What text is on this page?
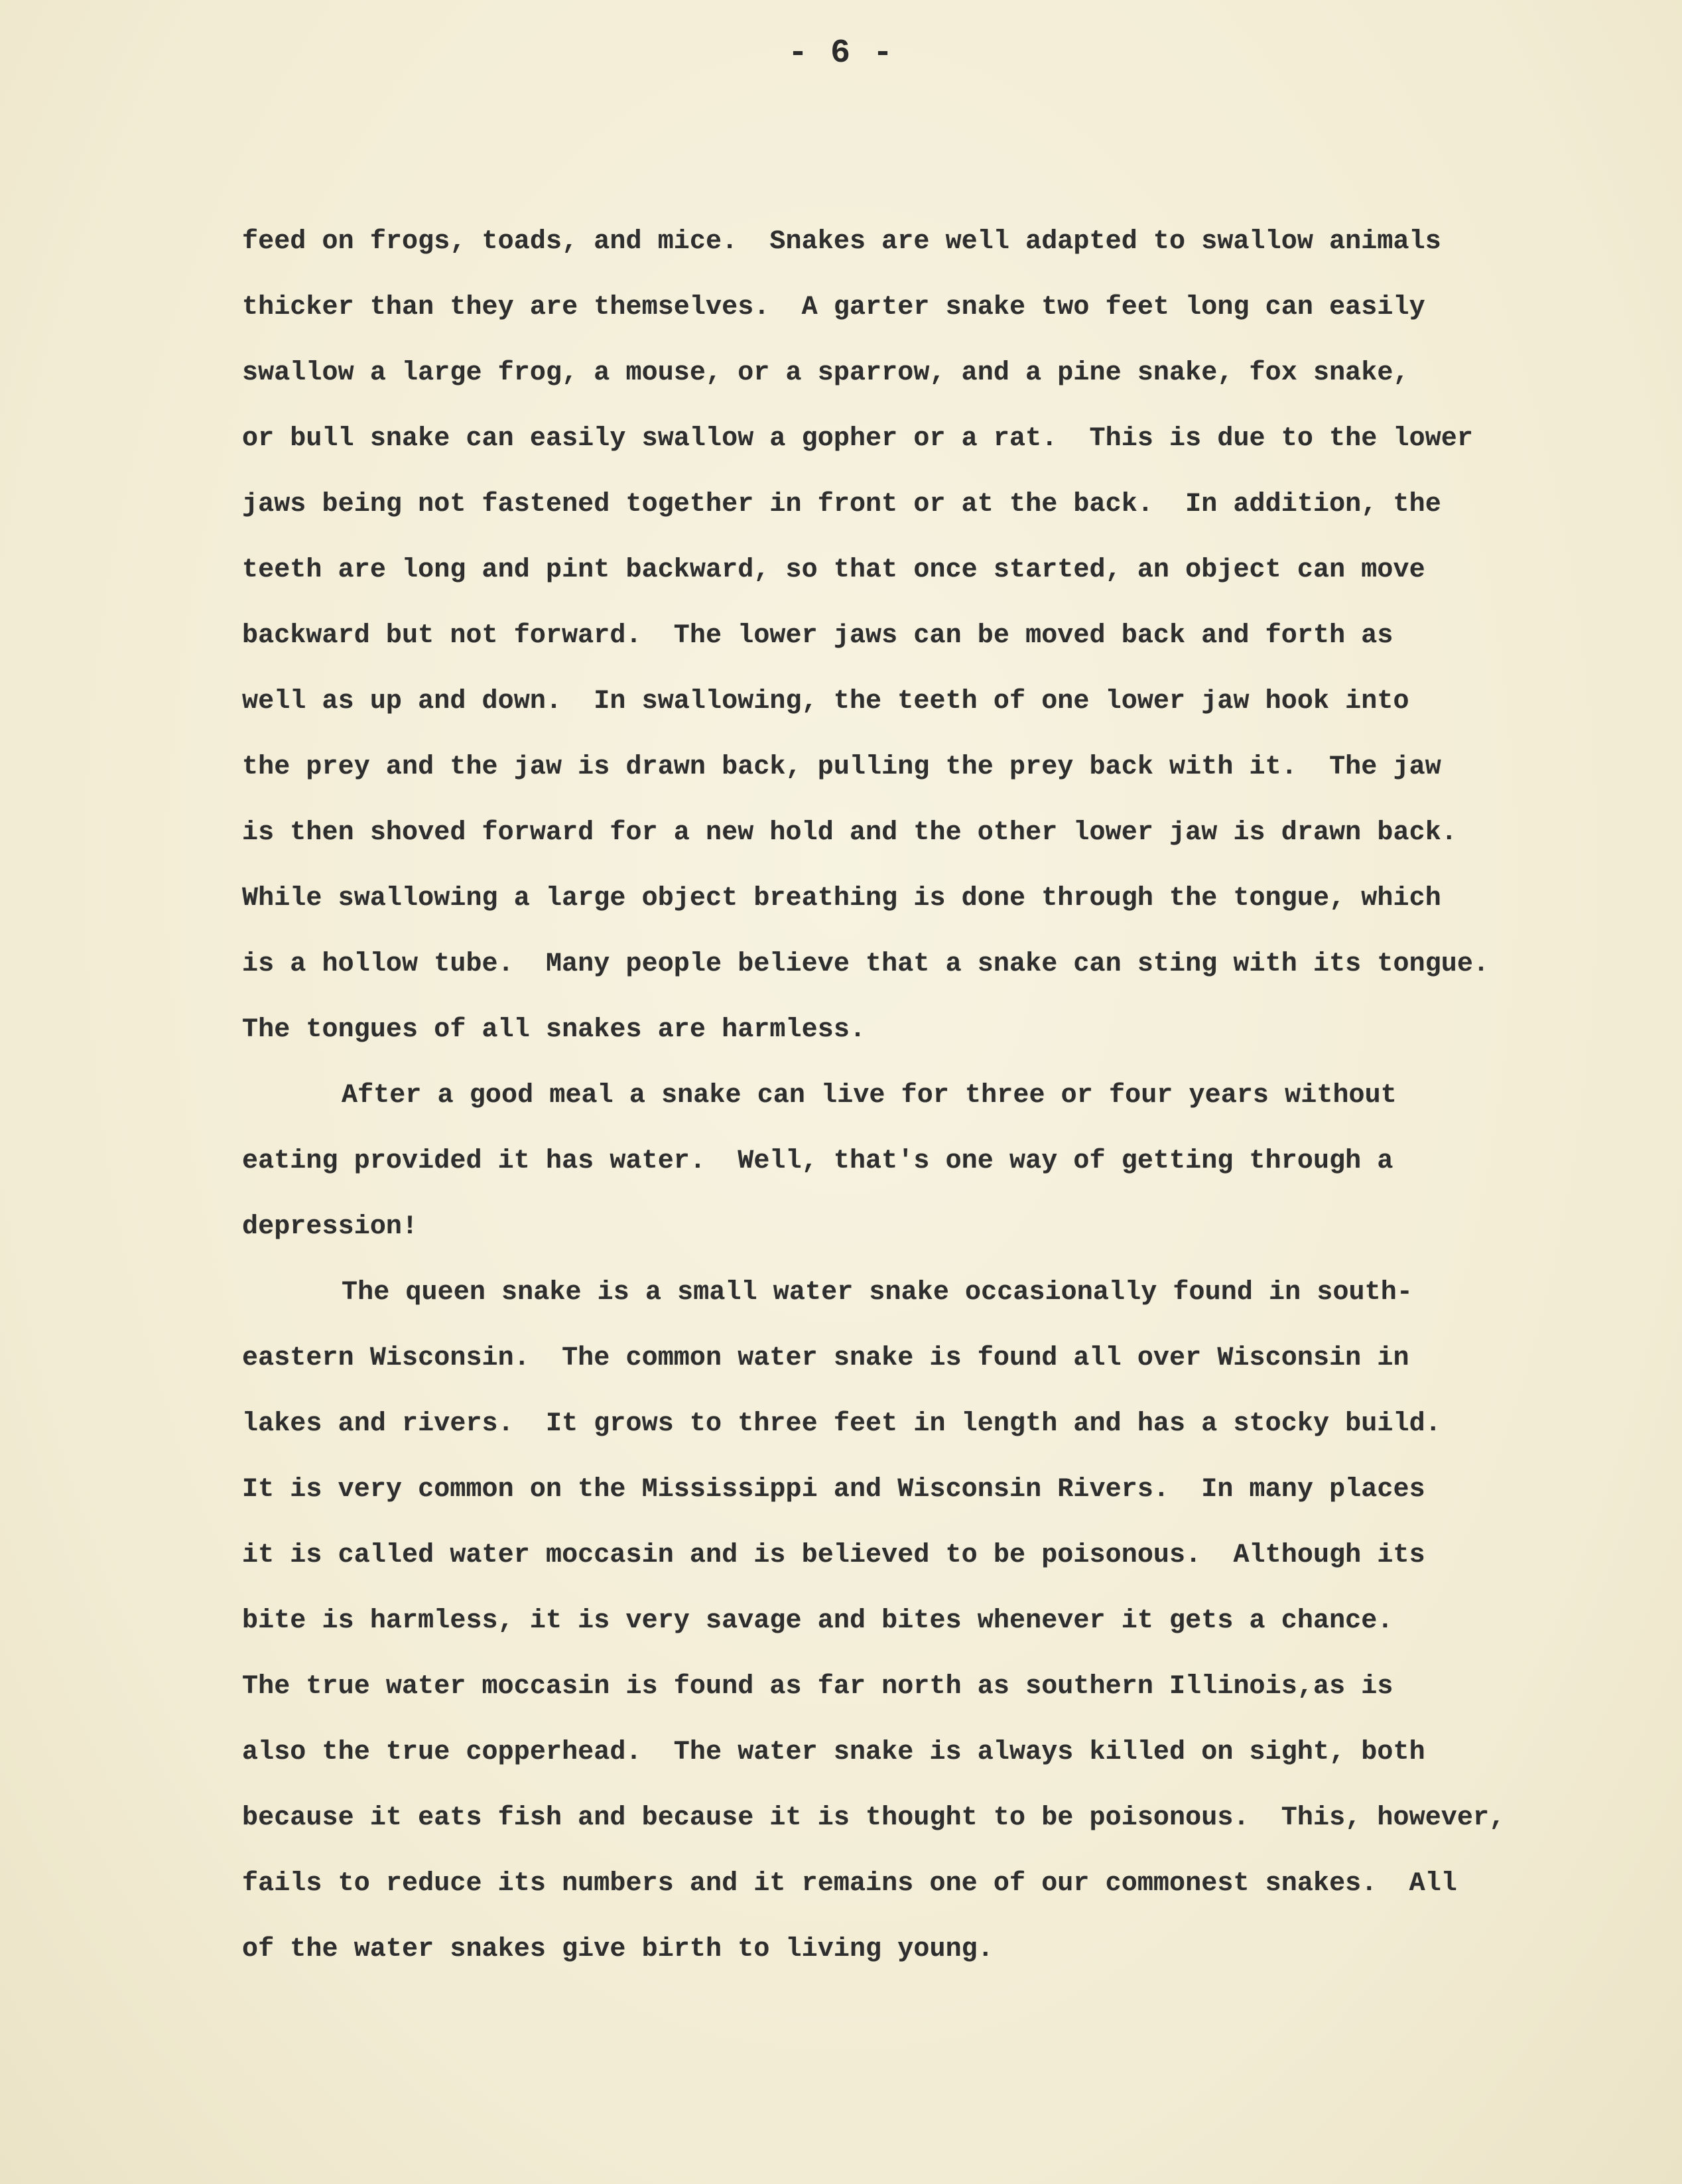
- 6 -
feed on frogs, toads, and mice.  Snakes are well adapted to swallow animals
thicker than they are themselves.  A garter snake two feet long can easily
swallow a large frog, a mouse, or a sparrow, and a pine snake, fox snake,
or bull snake can easily swallow a gopher or a rat.  This is due to the lower
jaws being not fastened together in front or at the back.  In addition, the
teeth are long and pint backward, so that once started, an object can move
backward but not forward.  The lower jaws can be moved back and forth as
well as up and down.  In swallowing, the teeth of one lower jaw hook into
the prey and the jaw is drawn back, pulling the prey back with it.  The jaw
is then shoved forward for a new hold and the other lower jaw is drawn back.
While swallowing a large object breathing is done through the tongue, which
is a hollow tube.  Many people believe that a snake can sting with its tongue.
The tongues of all snakes are harmless.
After a good meal a snake can live for three or four years without
eating provided it has water.  Well, that's one way of getting through a
depression!
The queen snake is a small water snake occasionally found in south-
eastern Wisconsin.  The common water snake is found all over Wisconsin in
lakes and rivers.  It grows to three feet in length and has a stocky build.
It is very common on the Mississippi and Wisconsin Rivers.  In many places
it is called water moccasin and is believed to be poisonous.  Although its
bite is harmless, it is very savage and bites whenever it gets a chance.
The true water moccasin is found as far north as southern Illinois,as is
also the true copperhead.  The water snake is always killed on sight, both
because it eats fish and because it is thought to be poisonous.  This, however,
fails to reduce its numbers and it remains one of our commonest snakes.  All
of the water snakes give birth to living young.
